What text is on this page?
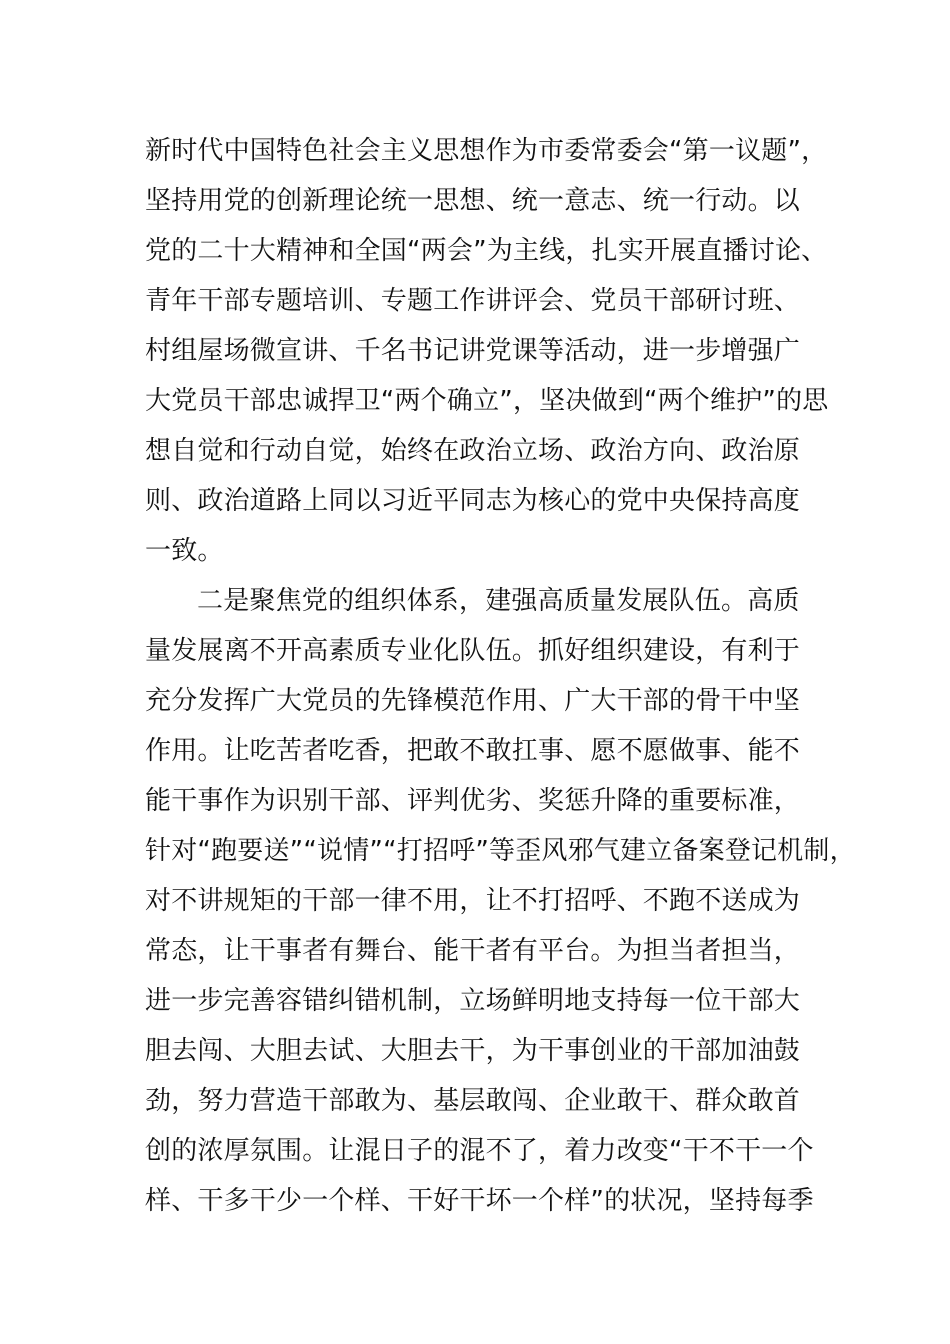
新时代中国特色社会主义思想作为市委常委会“第一议题”，
坚持用党的创新理论统一思想、统一意志、统一行动。以
党的二十大精神和全国“两会”为主线，扎实开展直播讨论、
青年干部专题培训、专题工作讲评会、党员干部研讨班、
村组屋场微宣讲、千名书记讲党课等活动，进一步增强广
大党员干部忠诚捍卫“两个确立”，坚决做到“两个维护”的思
想自觉和行动自觉，始终在政治立场、政治方向、政治原
则、政治道路上同以习近平同志为核心的党中央保持高度
一致。
二是聚焦党的组织体系，建强高质量发展队伍。高质
量发展离不开高素质专业化队伍。抓好组织建设，有利于
充分发挥广大党员的先锋模范作用、广大干部的骨干中坚
作用。让吃苦者吃香，把敢不敢扛事、愿不愿做事、能不
能干事作为识别干部、评判优劣、奖惩升降的重要标准，
针对“跑要送”“说情”“打招呼”等歪风邪气建立备案登记机制，
对不讲规矩的干部一律不用，让不打招呼、不跑不送成为
常态，让干事者有舞台、能干者有平台。为担当者担当，
进一步完善容错纠错机制，立场鲜明地支持每一位干部大
胆去闯、大胆去试、大胆去干，为干事创业的干部加油鼓
劲，努力营造干部敢为、基层敢闯、企业敢干、群众敢首
创的浓厚氛围。让混日子的混不了，着力改变“干不干一个
样、干多干少一个样、干好干坏一个样”的状况，坚持每季
